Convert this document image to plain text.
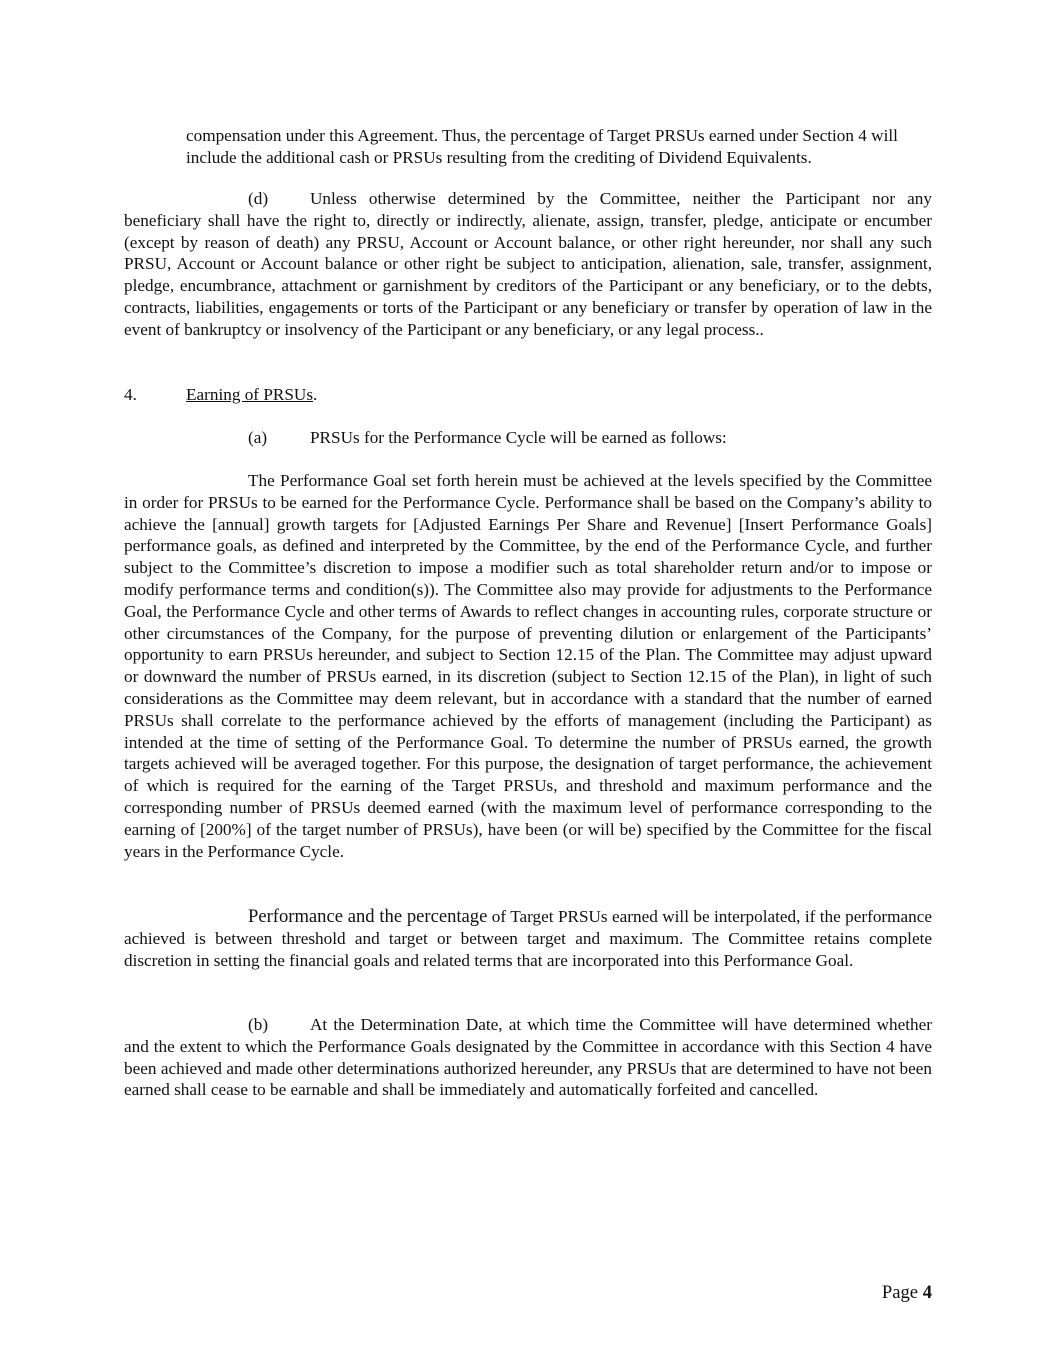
compensation under this Agreement. Thus, the percentage of Target PRSUs earned under Section 4 will include the additional cash or PRSUs resulting from the crediting of Dividend Equivalents.

(d) Unless otherwise determined by the Committee, neither the Participant nor any beneficiary shall have the right to, directly or indirectly, alienate, assign, transfer, pledge, anticipate or encumber (except by reason of death) any PRSU, Account or Account balance, or other right hereunder, nor shall any such PRSU, Account or Account balance or other right be subject to anticipation, alienation, sale, transfer, assignment, pledge, encumbrance, attachment or garnishment by creditors of the Participant or any beneficiary, or to the debts, contracts, liabilities, engagements or torts of the Participant or any beneficiary or transfer by operation of law in the event of bankruptcy or insolvency of the Participant or any beneficiary, or any legal process..

4.	Earning of PRSUs.
(a) PRSUs for the Performance Cycle will be earned as follows:

The Performance Goal set forth herein must be achieved at the levels specified by the Committee in order for PRSUs to be earned for the Performance Cycle. Performance shall be based on the Company’s ability to achieve the [annual] growth targets for [Adjusted Earnings Per Share and Revenue] [Insert Performance Goals] performance goals, as defined and interpreted by the Committee, by the end of the Performance Cycle, and further subject to the Committee’s discretion to impose a modifier such as total shareholder return and/or to impose or modify performance terms and condition(s)). The Committee also may provide for adjustments to the Performance Goal, the Performance Cycle and other terms of Awards to reflect changes in accounting rules, corporate structure or other circumstances of the Company, for the purpose of preventing dilution or enlargement of the Participants’ opportunity to earn PRSUs hereunder, and subject to Section 12.15 of the Plan. The Committee may adjust upward or downward the number of PRSUs earned, in its discretion (subject to Section 12.15 of the Plan), in light of such considerations as the Committee may deem relevant, but in accordance with a standard that the number of earned PRSUs shall correlate to the performance achieved by the efforts of management (including the Participant) as intended at the time of setting of the Performance Goal. To determine the number of PRSUs earned, the growth targets achieved will be averaged together. For this purpose, the designation of target performance, the achievement of which is required for the earning of the Target PRSUs, and threshold and maximum performance and the corresponding number of PRSUs deemed earned (with the maximum level of performance corresponding to the earning of [200%] of the target number of PRSUs), have been (or will be) specified by the Committee for the fiscal years in the Performance Cycle.

Performance and the percentage of Target PRSUs earned will be interpolated, if the performance achieved is between threshold and target or between target and maximum. The Committee retains complete discretion in setting the financial goals and related terms that are incorporated into this Performance Goal.

(b) At the Determination Date, at which time the Committee will have determined whether and the extent to which the Performance Goals designated by the Committee in accordance with this Section 4 have been achieved and made other determinations authorized hereunder, any PRSUs that are determined to have not been earned shall cease to be earnable and shall be immediately and automatically forfeited and cancelled.

Page 4
